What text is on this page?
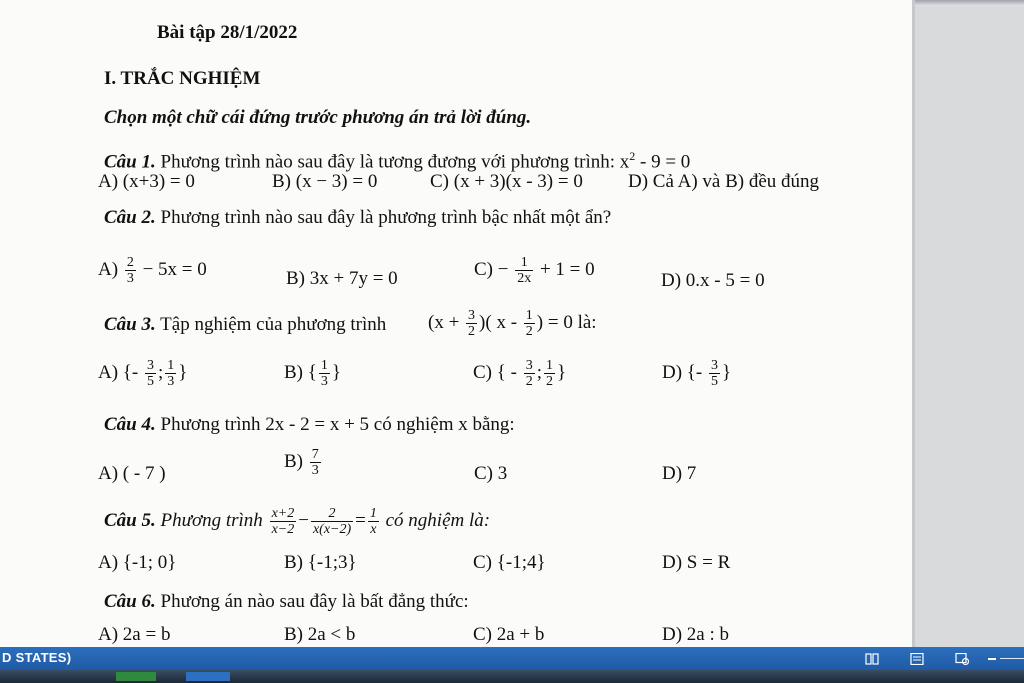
Bài tập 28/1/2022
I. TRẮC NGHIỆM
Chọn một chữ cái đứng trước phương án trả lời đúng.
Câu 1. Phương trình nào sau đây là tương đương với phương trình: $x^2 - 9 = 0$
A) (x+3) = 0	B) (x − 3) = 0	C) (x + 3)(x - 3) = 0 D) Cả A) và B) đều đúng
Câu 2. Phương trình nào sau đây là phương trình bậc nhất một ẩn?
$A) \frac{2}{3} - 5x = 0$	B) 3x + 7y = 0	$C) - \frac{1}{2x} + 1 = 0$
D) 0.x - 5 = 0
Câu 3. Tập nghiệm của phương trình ($x + \frac{3}{2}$ )( x - $\frac{1}{2}$ ) = 0 là:
A) {- $\frac{3}{5}$ ; $\frac{1}{3}$ }	B) { $\frac{1}{3}$ }	C) { - $\frac{3}{2}$ ; $\frac{1}{2}$ }	D) {- $\frac{3}{5}$ }
Câu 4. Phương trình 2x - 2 = x + 5 có nghiệm x bằng:
A) ( - 7 )
$B) \frac{7}{3}$	C) 3	D) 7
Câu 5. Phương trình $\frac{x+2}{x-2} - \frac{2}{x(x-2)} = \frac{1}{x}$ có nghiệm là:
A) {-1; 0}	B) {-1;3}	C) {-1;4}	D) S = R
Câu 6. Phương án nào sau đây là bất đẳng thức:
A) 2a = b	B) 2a < b	C) 2a + b	D) 2a : b
D STATES)
